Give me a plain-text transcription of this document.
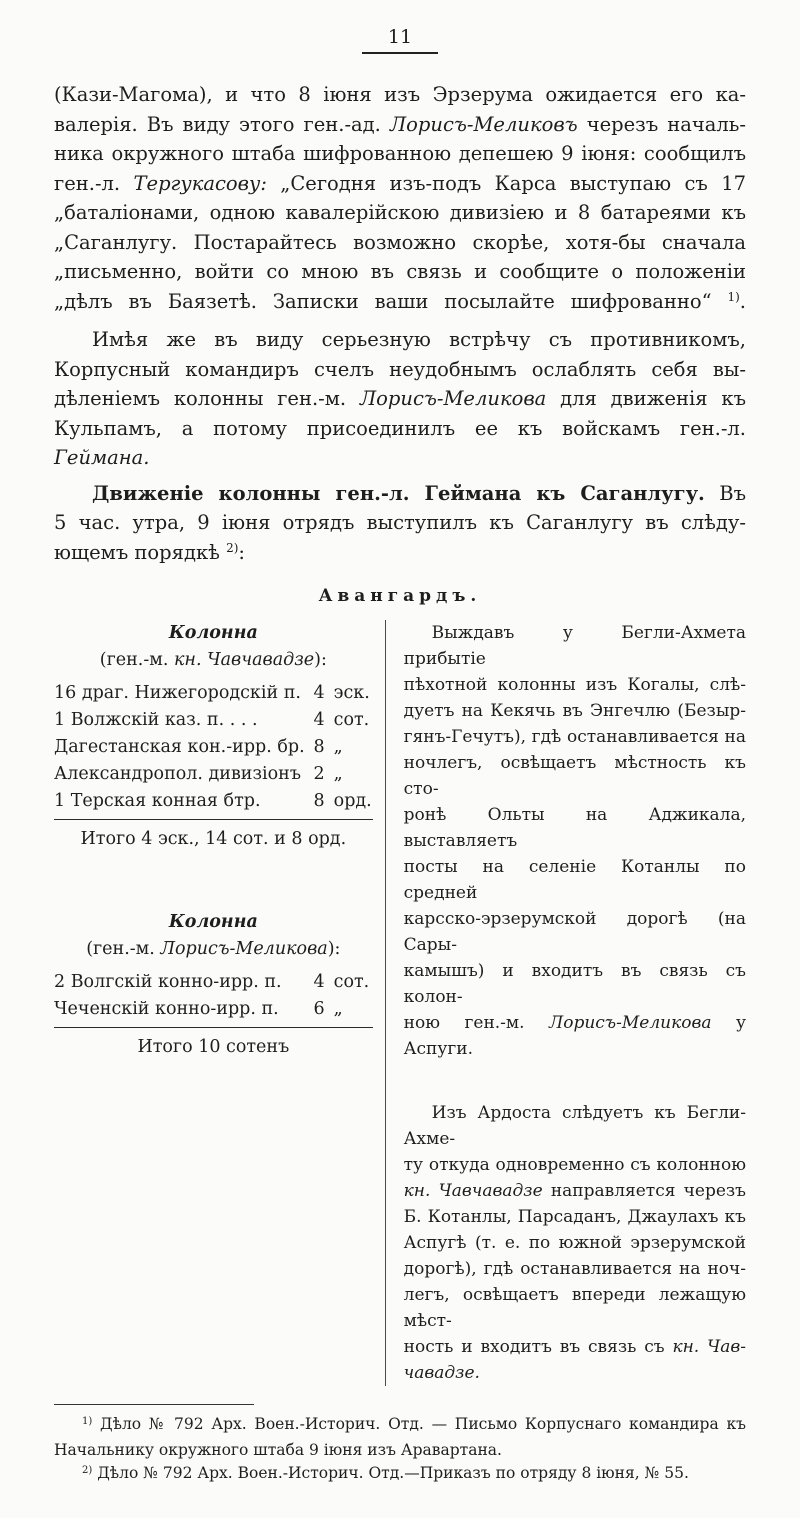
11
(Кази-Магома), и что 8 іюня изъ Эрзерума ожидается его ка-
валерія. Въ виду этого ген.-ад. Лорисъ-Меликовъ черезъ началь-
ника окружного штаба шифрованною депешею 9 іюня: сообщилъ
ген.-л. Тергукасову: „Сегодня изъ-подъ Карса выступаю съ 17
„баталіонами, одною кавалерійскою дивизіею и 8 батареями къ
„Саганлугу. Постарайтесь возможно скорѣе, хотя-бы сначала
„письменно, войти со мною въ связь и сообщите о положеніи
„дѣлъ въ Баязетѣ. Записки ваши посылайте шифрованно“ $^{1)}$.
Имѣя же въ виду серьезную встрѣчу съ противникомъ,
Корпусный командиръ счелъ неудобнымъ ослаблять себя вы-
дѣленіемъ колонны ген.-м. Лорисъ-Меликова для движенія къ
Кульпамъ, а потому присоединилъ ее къ войскамъ ген.-л.
Геймана.
Движеніе колонны ген.-л. Геймана къ Саганлугу. Въ
5 час. утра, 9 іюня отрядъ выступилъ къ Саганлугу въ слѣду-
ющемъ порядкѣ $^{2)}$:
Авангардъ.
Колонна
(ген.-м. кн. Чавчавадзе):
16 драг. Нижегородскій п. 4 эск.
1 Волжскій каз. п. . . .	4 сот.
Дагестанская кон.-ирр. бр. 8 „
Александропол. дивизіонъ 2 „
1 Терская конная бтр.	8 орд.
Итого 4 эск., 14 сот. и 8 орд.
Колонна
(ген.-м. Лорисъ-Меликова):
2 Волгскій конно-ирр. п.	4 сот.
Чеченскій конно-ирр. п.	6 „
Итого 10 сотенъ
Выждавъ у Бегли-Ахмета прибытіе
пѣхотной колонны изъ Когалы, слѣ-
дуетъ на Кекячь въ Энгечлю (Безыр-
гянъ-Гечутъ), гдѣ останавливается на
ночлегъ, освѣщаетъ мѣстность къ сто-
ронѣ Ольты на Аджикала, выставляетъ
посты на селеніе Котанлы по средней
карсско-эрзерумской дорогѣ (на Сары-
камышъ) и входитъ въ связь съ колон-
ною ген.-м. Лорисъ-Меликова у Аспуги.
Изъ Ардоста слѣдуетъ къ Бегли-Ахме-
ту откуда одновременно съ колонною
кн. Чавчавадзе направляется черезъ
Б. Котанлы, Парсаданъ, Джаулахъ къ
Аспугѣ (т. е. по южной эрзерумской
дорогѣ), гдѣ останавливается на ноч-
легъ, освѣщаетъ впереди лежащую мѣст-
ность и входитъ въ связь съ кн. Чав-
чавадзе.
$^{1)}$ Дѣло № 792 Арх. Воен.-Историч. Отд. — Письмо Корпуснаго командира къ
Начальнику окружного штаба 9 іюня изъ Аравартана.
$^{2)}$ Дѣло № 792 Арх. Воен.-Историч. Отд.—Приказъ по отряду 8 іюня, № 55.
